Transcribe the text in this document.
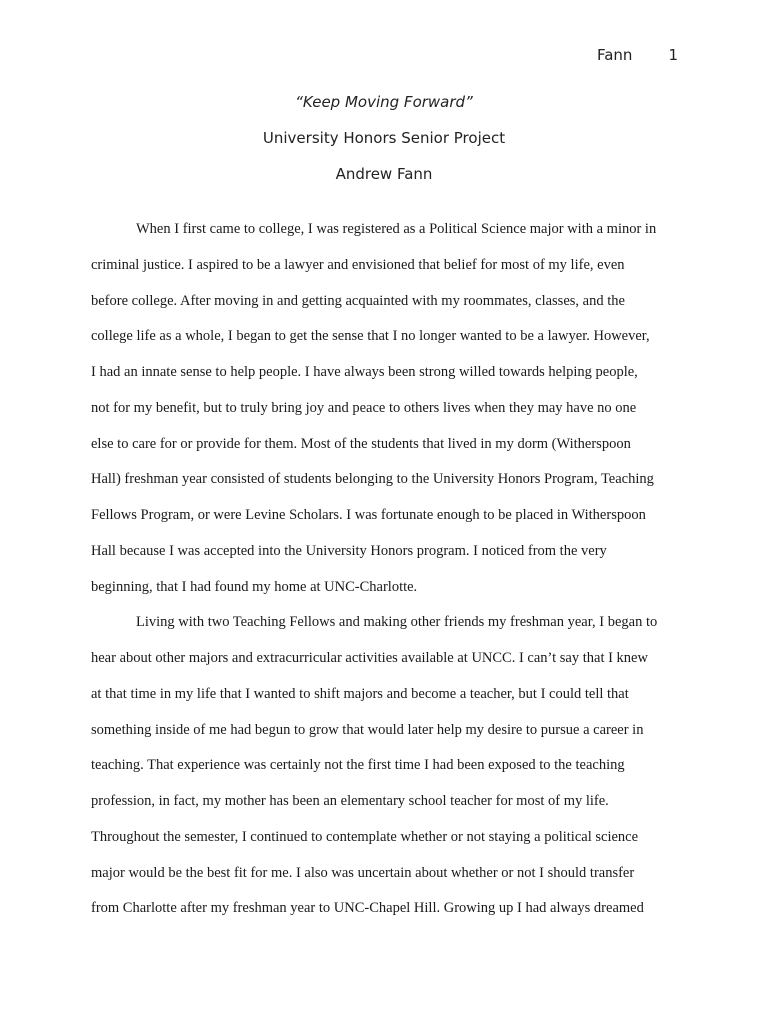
Fann 1
“Keep Moving Forward”
University Honors Senior Project
Andrew Fann
When I first came to college, I was registered as a Political Science major with a minor in
criminal justice. I aspired to be a lawyer and envisioned that belief for most of my life, even
before college. After moving in and getting acquainted with my roommates, classes, and the
college life as a whole, I began to get the sense that I no longer wanted to be a lawyer. However,
I had an innate sense to help people. I have always been strong willed towards helping people,
not for my benefit, but to truly bring joy and peace to others lives when they may have no one
else to care for or provide for them. Most of the students that lived in my dorm (Witherspoon
Hall) freshman year consisted of students belonging to the University Honors Program, Teaching
Fellows Program, or were Levine Scholars. I was fortunate enough to be placed in Witherspoon
Hall because I was accepted into the University Honors program. I noticed from the very
beginning, that I had found my home at UNC-Charlotte.
Living with two Teaching Fellows and making other friends my freshman year, I began to
hear about other majors and extracurricular activities available at UNCC. I can’t say that I knew
at that time in my life that I wanted to shift majors and become a teacher, but I could tell that
something inside of me had begun to grow that would later help my desire to pursue a career in
teaching. That experience was certainly not the first time I had been exposed to the teaching
profession, in fact, my mother has been an elementary school teacher for most of my life.
Throughout the semester, I continued to contemplate whether or not staying a political science
major would be the best fit for me. I also was uncertain about whether or not I should transfer
from Charlotte after my freshman year to UNC-Chapel Hill. Growing up I had always dreamed
